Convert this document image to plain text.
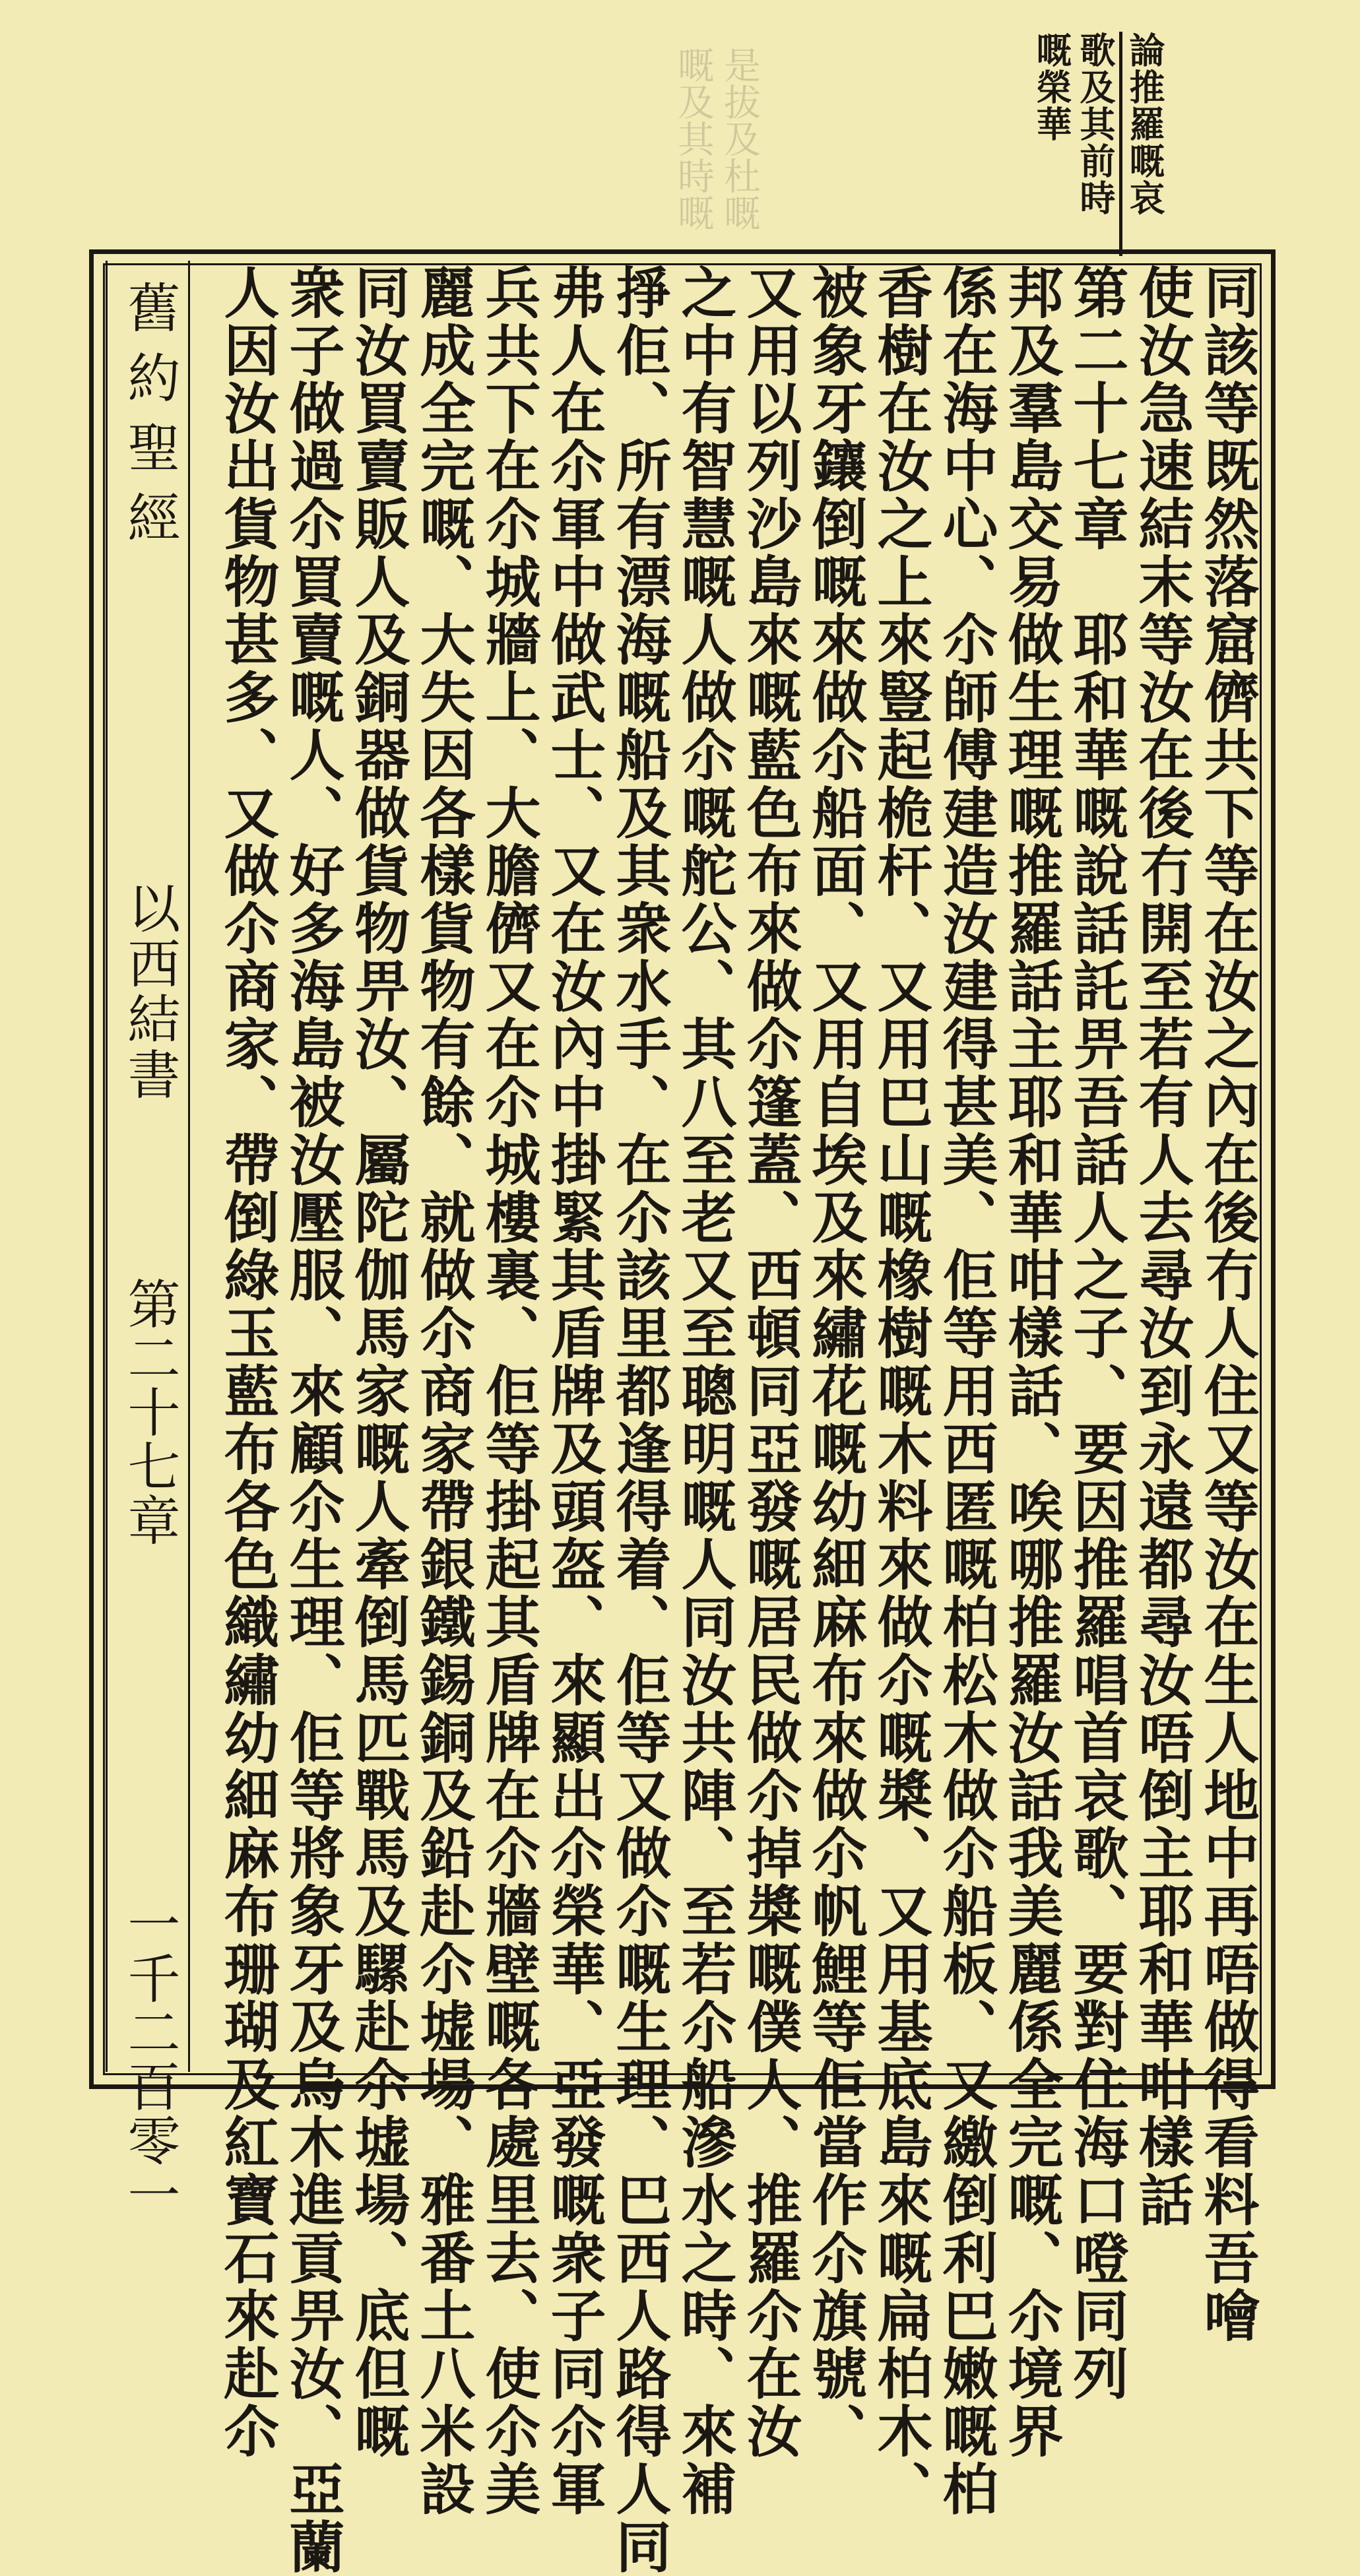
是拔及杜嘅
嘅及其時嘅	論推羅嘅哀
歌及其前時
嘅榮華
舊約聖經
以西結書
第二十七章
一千二百零一	同該等既然落窟儕共下等在汝之內在後冇人住又等汝在生人地中再唔做得看料吾噲
使汝急速結末等汝在後冇開至若有人去尋汝到永遠都尋汝唔倒主耶和華咁樣話
第二十七章　耶和華嘅說話託畀吾話人之子、要因推羅唱首哀歌、要對住海口噔同列
邦及羣島交易做生理嘅推羅話主耶和華咁樣話、唉哪推羅汝話我美麗係全完嘅、尒境界
係在海中心、尒師傅建造汝建得甚美、佢等用西匿嘅柏松木做尒船板、又繳倒利巴嫩嘅柏
香樹在汝之上來豎起桅杆、又用巴山嘅橡樹嘅木料來做尒嘅槳、又用基底島來嘅扁柏木、
被象牙鑲倒嘅來做尒船面、又用自埃及來繡花嘅幼細麻布來做尒帆鯉等佢當作尒旗號、
又用以列沙島來嘅藍色布來做尒篷蓋、西頓同亞發嘅居民做尒掉槳嘅僕人、推羅尒在汝
之中有智慧嘅人做尒嘅舵公、其八至老又至聰明嘅人同汝共陣、至若尒船滲水之時、來補
掙佢、所有漂海嘅船及其衆水手、在尒該里都逢得着、佢等又做尒嘅生理、巴西人路得人同
弗人在尒軍中做武士、又在汝內中掛緊其盾牌及頭盔、來顯出尒榮華、亞發嘅衆子同尒軍
兵共下在尒城牆上、大膽儕又在尒城樓裏、佢等掛起其盾牌在尒牆壁嘅各處里去、使尒美
麗成全完嘅、大失因各樣貨物有餘、就做尒商家帶銀鐵錫銅及鉛赴尒墟場、雅番土八米設
同汝買賣販人及銅器做貨物畀汝、屬陀伽馬家嘅人牽倒馬匹戰馬及騾赴尒墟場、底但嘅
衆子做過尒買賣嘅人、好多海島被汝壓服、來顧尒生理、佢等將象牙及烏木進貢畀汝、亞蘭
人因汝出貨物甚多、又做尒商家、帶倒綠玉藍布各色織繡幼細麻布珊瑚及紅寶石來赴尒
